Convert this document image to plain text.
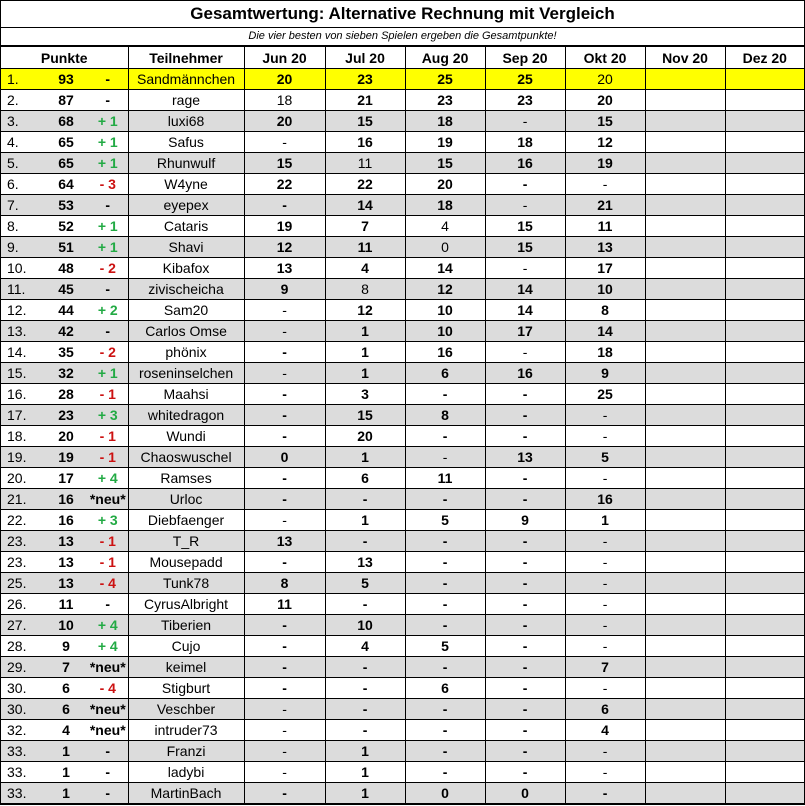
Gesamtwertung: Alternative Rechnung mit Vergleich
Die vier besten von sieben Spielen ergeben die Gesamtpunkte!
Punkte			Teilnehmer	Jun 20	Jul 20	Aug 20	Sep 20	Okt 20	Nov 20	Dez 20
1.	93	-	Sandmännchen	20	23	25	25	20		
2.	87	-	rage	18	21	23	23	20		
3.	68	+ 1	luxi68	20	15	18	-	15		
4.	65	+ 1	Safus	-	16	19	18	12		
5.	65	+ 1	Rhunwulf	15	11	15	16	19		
6.	64	- 3	W4yne	22	22	20	-	-		
7.	53	-	eyepex	-	14	18	-	21		
8.	52	+ 1	Cataris	19	7	4	15	11		
9.	51	+ 1	Shavi	12	11	0	15	13		
10.	48	- 2	Kibafox	13	4	14	-	17		
11.	45	-	zivischeicha	9	8	12	14	10		
12.	44	+ 2	Sam20	-	12	10	14	8		
13.	42	-	Carlos Omse	-	1	10	17	14		
14.	35	- 2	phönix	-	1	16	-	18		
15.	32	+ 1	roseninselchen	-	1	6	16	9		
16.	28	- 1	Maahsi	-	3	-	-	25		
17.	23	+ 3	whitedragon	-	15	8	-	-		
18.	20	- 1	Wundi	-	20	-	-	-		
19.	19	- 1	Chaoswuschel	0	1	-	13	5		
20.	17	+ 4	Ramses	-	6	11	-	-		
21.	16	*neu*	Urloc	-	-	-	-	16		
22.	16	+ 3	Diebfaenger	-	1	5	9	1		
23.	13	- 1	T_R	13	-	-	-	-		
23.	13	- 1	Mousepadd	-	13	-	-	-		
25.	13	- 4	Tunk78	8	5	-	-	-		
26.	11	-	CyrusAlbright	11	-	-	-	-		
27.	10	+ 4	Tiberien	-	10	-	-	-		
28.	9	+ 4	Cujo	-	4	5	-	-		
29.	7	*neu*	keimel	-	-	-	-	7		
30.	6	- 4	Stigburt	-	-	6	-	-		
30.	6	*neu*	Veschber	-	-	-	-	6		
32.	4	*neu*	intruder73	-	-	-	-	4		
33.	1	-	Franzi	-	1	-	-	-		
33.	1	-	ladybi	-	1	-	-	-		
33.	1	-	MartinBach	-	1	0	0	-		
